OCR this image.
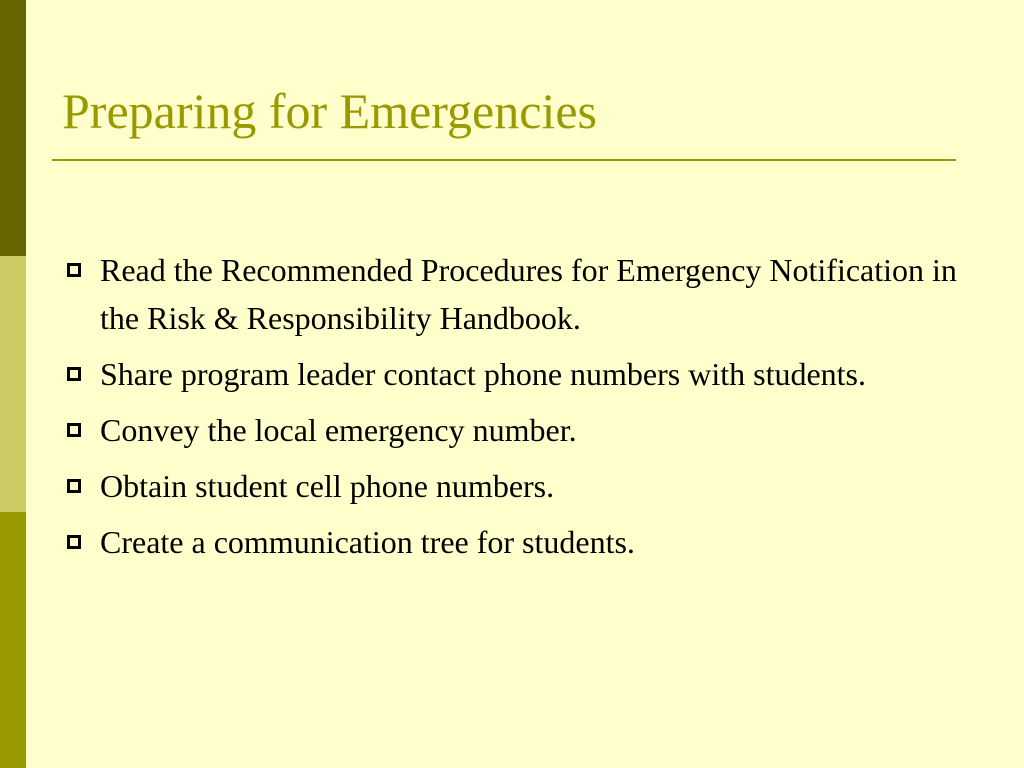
Preparing for Emergencies
Read the Recommended Procedures for Emergency Notification in the Risk & Responsibility Handbook.
Share program leader contact phone numbers with students.
Convey the local emergency number.
Obtain student cell phone numbers.
Create a communication tree for students.
